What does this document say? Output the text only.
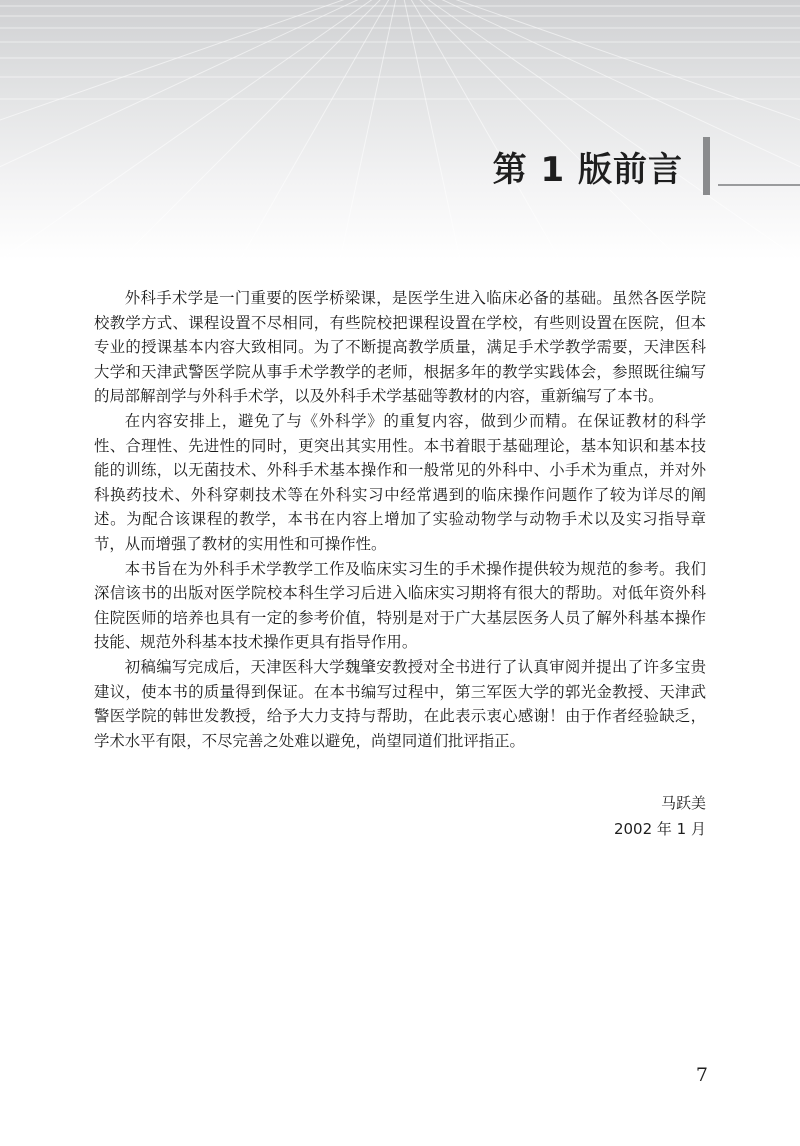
第 1 版前言

外科手术学是一门重要的医学桥梁课，是医学生进入临床必备的基础。虽然各医学院校教学方式、课程设置不尽相同，有些院校把课程设置在学校，有些则设置在医院，但本专业的授课基本内容大致相同。为了不断提高教学质量，满足手术学教学需要，天津医科大学和天津武警医学院从事手术学教学的老师，根据多年的教学实践体会，参照既往编写的局部解剖学与外科手术学，以及外科手术学基础等教材的内容，重新编写了本书。

在内容安排上，避免了与《外科学》的重复内容，做到少而精。在保证教材的科学性、合理性、先进性的同时，更突出其实用性。本书着眼于基础理论，基本知识和基本技能的训练，以无菌技术、外科手术基本操作和一般常见的外科中、小手术为重点，并对外科换药技术、外科穿刺技术等在外科实习中经常遇到的临床操作问题作了较为详尽的阐述。为配合该课程的教学，本书在内容上增加了实验动物学与动物手术以及实习指导章节，从而增强了教材的实用性和可操作性。

本书旨在为外科手术学教学工作及临床实习生的手术操作提供较为规范的参考。我们深信该书的出版对医学院校本科生学习后进入临床实习期将有很大的帮助。对低年资外科住院医师的培养也具有一定的参考价值，特别是对于广大基层医务人员了解外科基本操作技能、规范外科基本技术操作更具有指导作用。

初稿编写完成后，天津医科大学魏肇安教授对全书进行了认真审阅并提出了许多宝贵建议，使本书的质量得到保证。在本书编写过程中，第三军医大学的郭光金教授、天津武警医学院的韩世发教授，给予大力支持与帮助，在此表示衷心感谢！由于作者经验缺乏，学术水平有限，不尽完善之处难以避免，尚望同道们批评指正。

马跃美
2002 年 1 月
7
